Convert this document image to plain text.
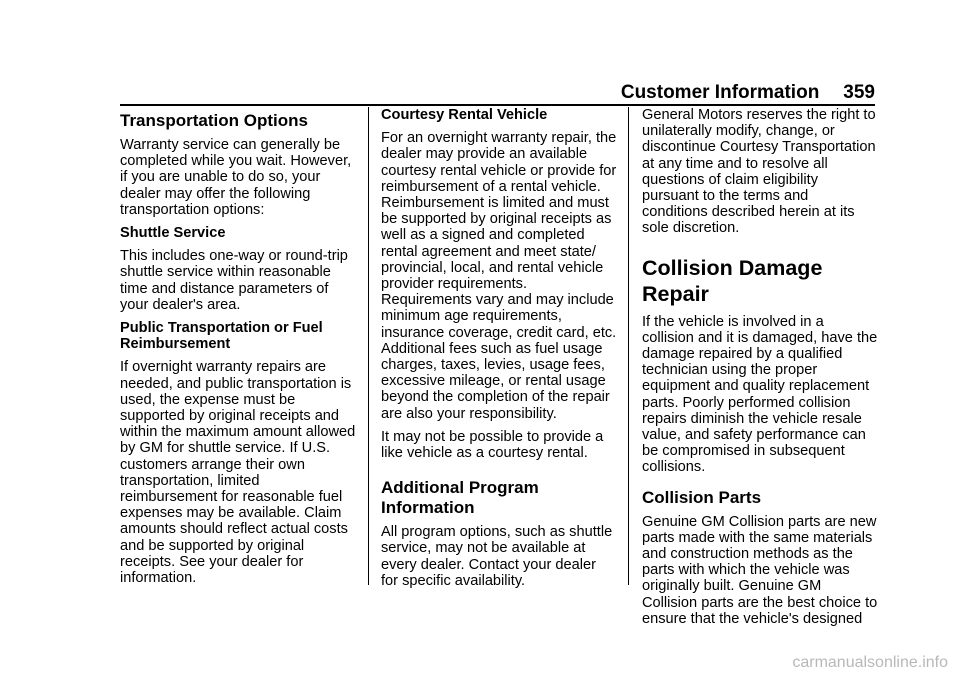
Customer Information 359
Transportation Options

Warranty service can generally be completed while you wait. However, if you are unable to do so, your dealer may offer the following transportation options:

Shuttle Service

This includes one-way or round-trip shuttle service within reasonable time and distance parameters of your dealer's area.

Public Transportation or Fuel Reimbursement

If overnight warranty repairs are needed, and public transportation is used, the expense must be supported by original receipts and within the maximum amount allowed by GM for shuttle service. If U.S. customers arrange their own transportation, limited reimbursement for reasonable fuel expenses may be available. Claim amounts should reflect actual costs and be supported by original receipts. See your dealer for information.

Courtesy Rental Vehicle

For an overnight warranty repair, the dealer may provide an available courtesy rental vehicle or provide for reimbursement of a rental vehicle. Reimbursement is limited and must be supported by original receipts as well as a signed and completed rental agreement and meet state/ provincial, local, and rental vehicle provider requirements. Requirements vary and may include minimum age requirements, insurance coverage, credit card, etc. Additional fees such as fuel usage charges, taxes, levies, usage fees, excessive mileage, or rental usage beyond the completion of the repair are also your responsibility.

It may not be possible to provide a like vehicle as a courtesy rental.

Additional Program Information

All program options, such as shuttle service, may not be available at every dealer. Contact your dealer for specific availability.

General Motors reserves the right to unilaterally modify, change, or discontinue Courtesy Transportation at any time and to resolve all questions of claim eligibility pursuant to the terms and conditions described herein at its sole discretion.

Collision Damage Repair

If the vehicle is involved in a collision and it is damaged, have the damage repaired by a qualified technician using the proper equipment and quality replacement parts. Poorly performed collision repairs diminish the vehicle resale value, and safety performance can be compromised in subsequent collisions.

Collision Parts

Genuine GM Collision parts are new parts made with the same materials and construction methods as the parts with which the vehicle was originally built. Genuine GM Collision parts are the best choice to ensure that the vehicle's designed

carmanualsonline.info
